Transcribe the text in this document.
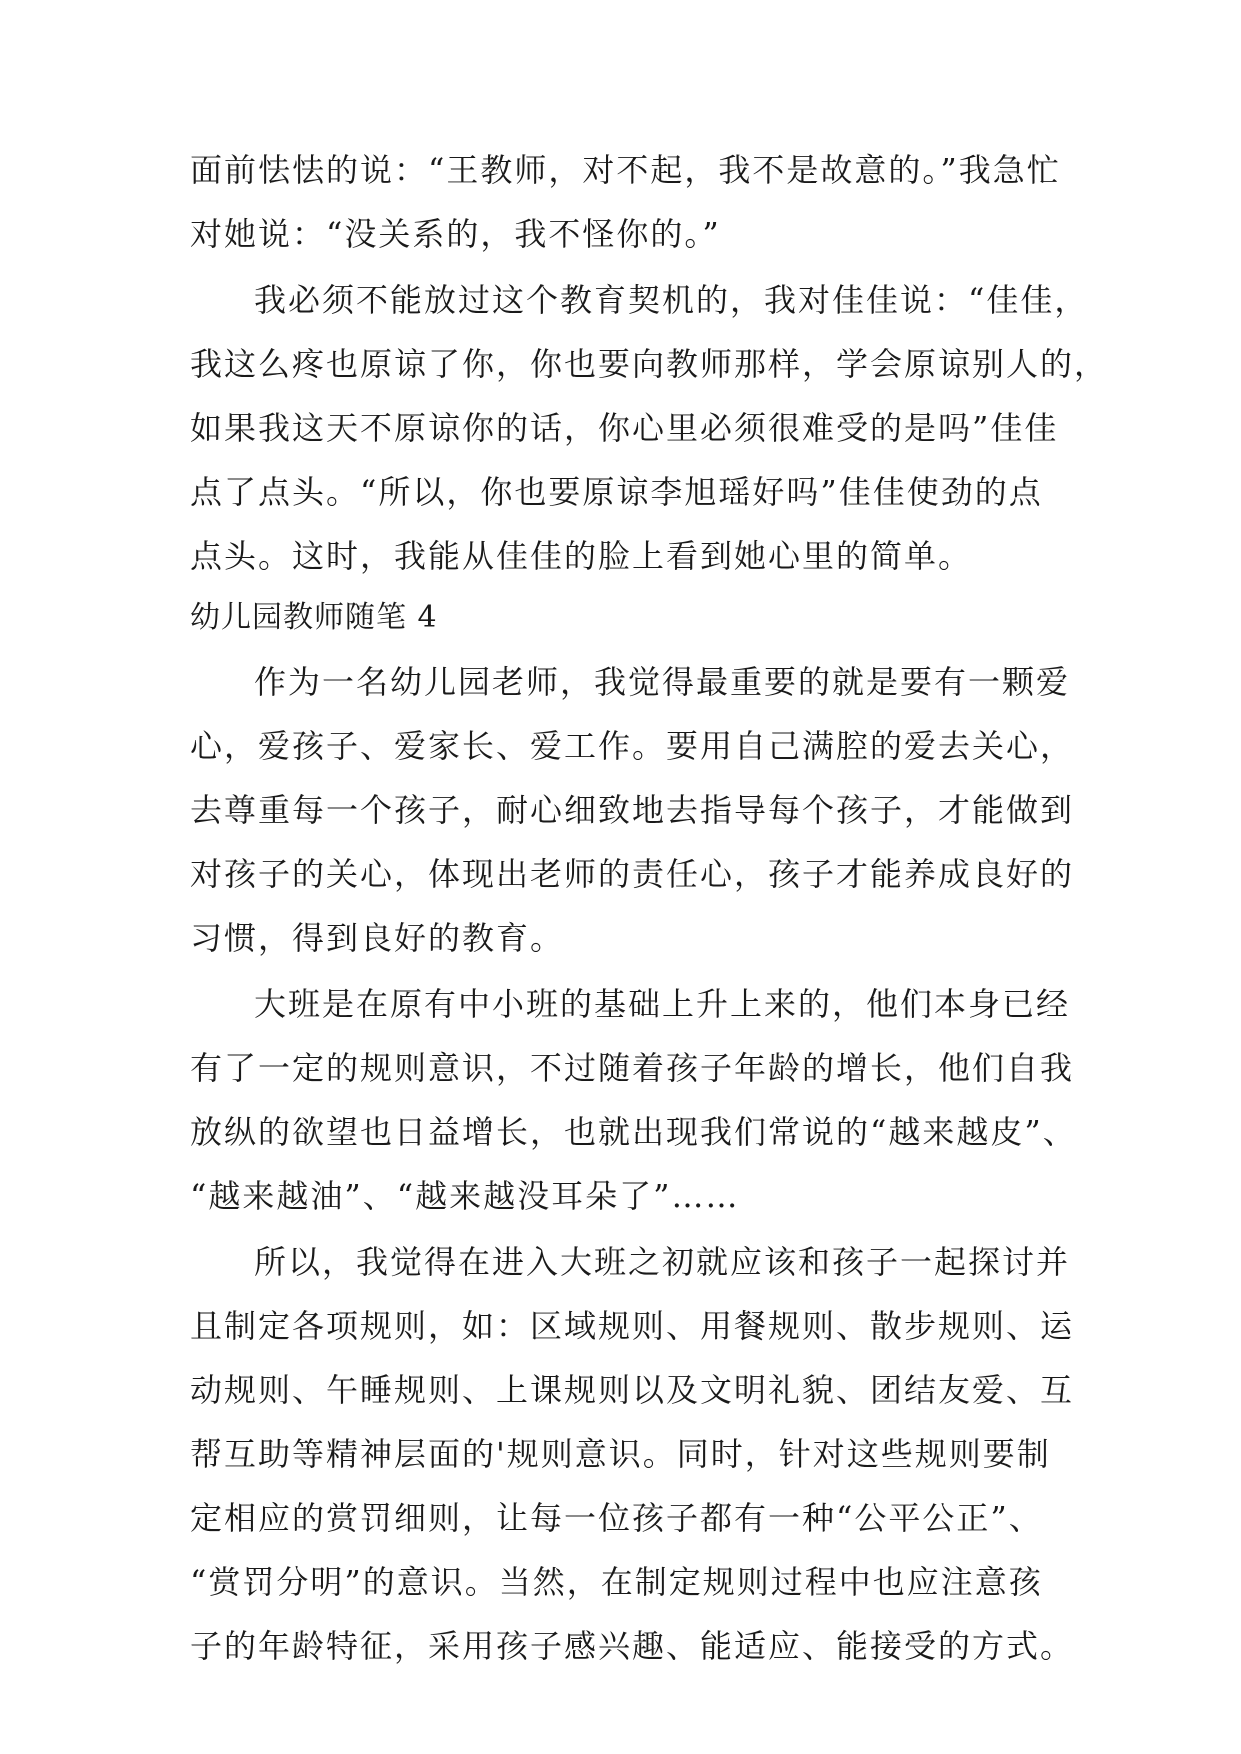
面前怯怯的说：“王教师，对不起，我不是故意的。”我急忙
对她说：“没关系的，我不怪你的。”
我必须不能放过这个教育契机的，我对佳佳说：“佳佳，
我这么疼也原谅了你，你也要向教师那样，学会原谅别人的，
如果我这天不原谅你的话，你心里必须很难受的是吗”佳佳
点了点头。“所以，你也要原谅李旭瑶好吗”佳佳使劲的点
点头。这时，我能从佳佳的脸上看到她心里的简单。
幼儿园教师随笔 4
作为一名幼儿园老师，我觉得最重要的就是要有一颗爱
心，爱孩子、爱家长、爱工作。要用自己满腔的爱去关心，
去尊重每一个孩子，耐心细致地去指导每个孩子，才能做到
对孩子的关心，体现出老师的责任心，孩子才能养成良好的
习惯，得到良好的教育。
大班是在原有中小班的基础上升上来的，他们本身已经
有了一定的规则意识，不过随着孩子年龄的增长，他们自我
放纵的欲望也日益增长，也就出现我们常说的“越来越皮”、
“越来越油”、“越来越没耳朵了”……
所以，我觉得在进入大班之初就应该和孩子一起探讨并
且制定各项规则，如：区域规则、用餐规则、散步规则、运
动规则、午睡规则、上课规则以及文明礼貌、团结友爱、互
帮互助等精神层面的'规则意识。同时，针对这些规则要制
定相应的赏罚细则，让每一位孩子都有一种“公平公正”、
“赏罚分明”的意识。当然，在制定规则过程中也应注意孩
子的年龄特征，采用孩子感兴趣、能适应、能接受的方式。
